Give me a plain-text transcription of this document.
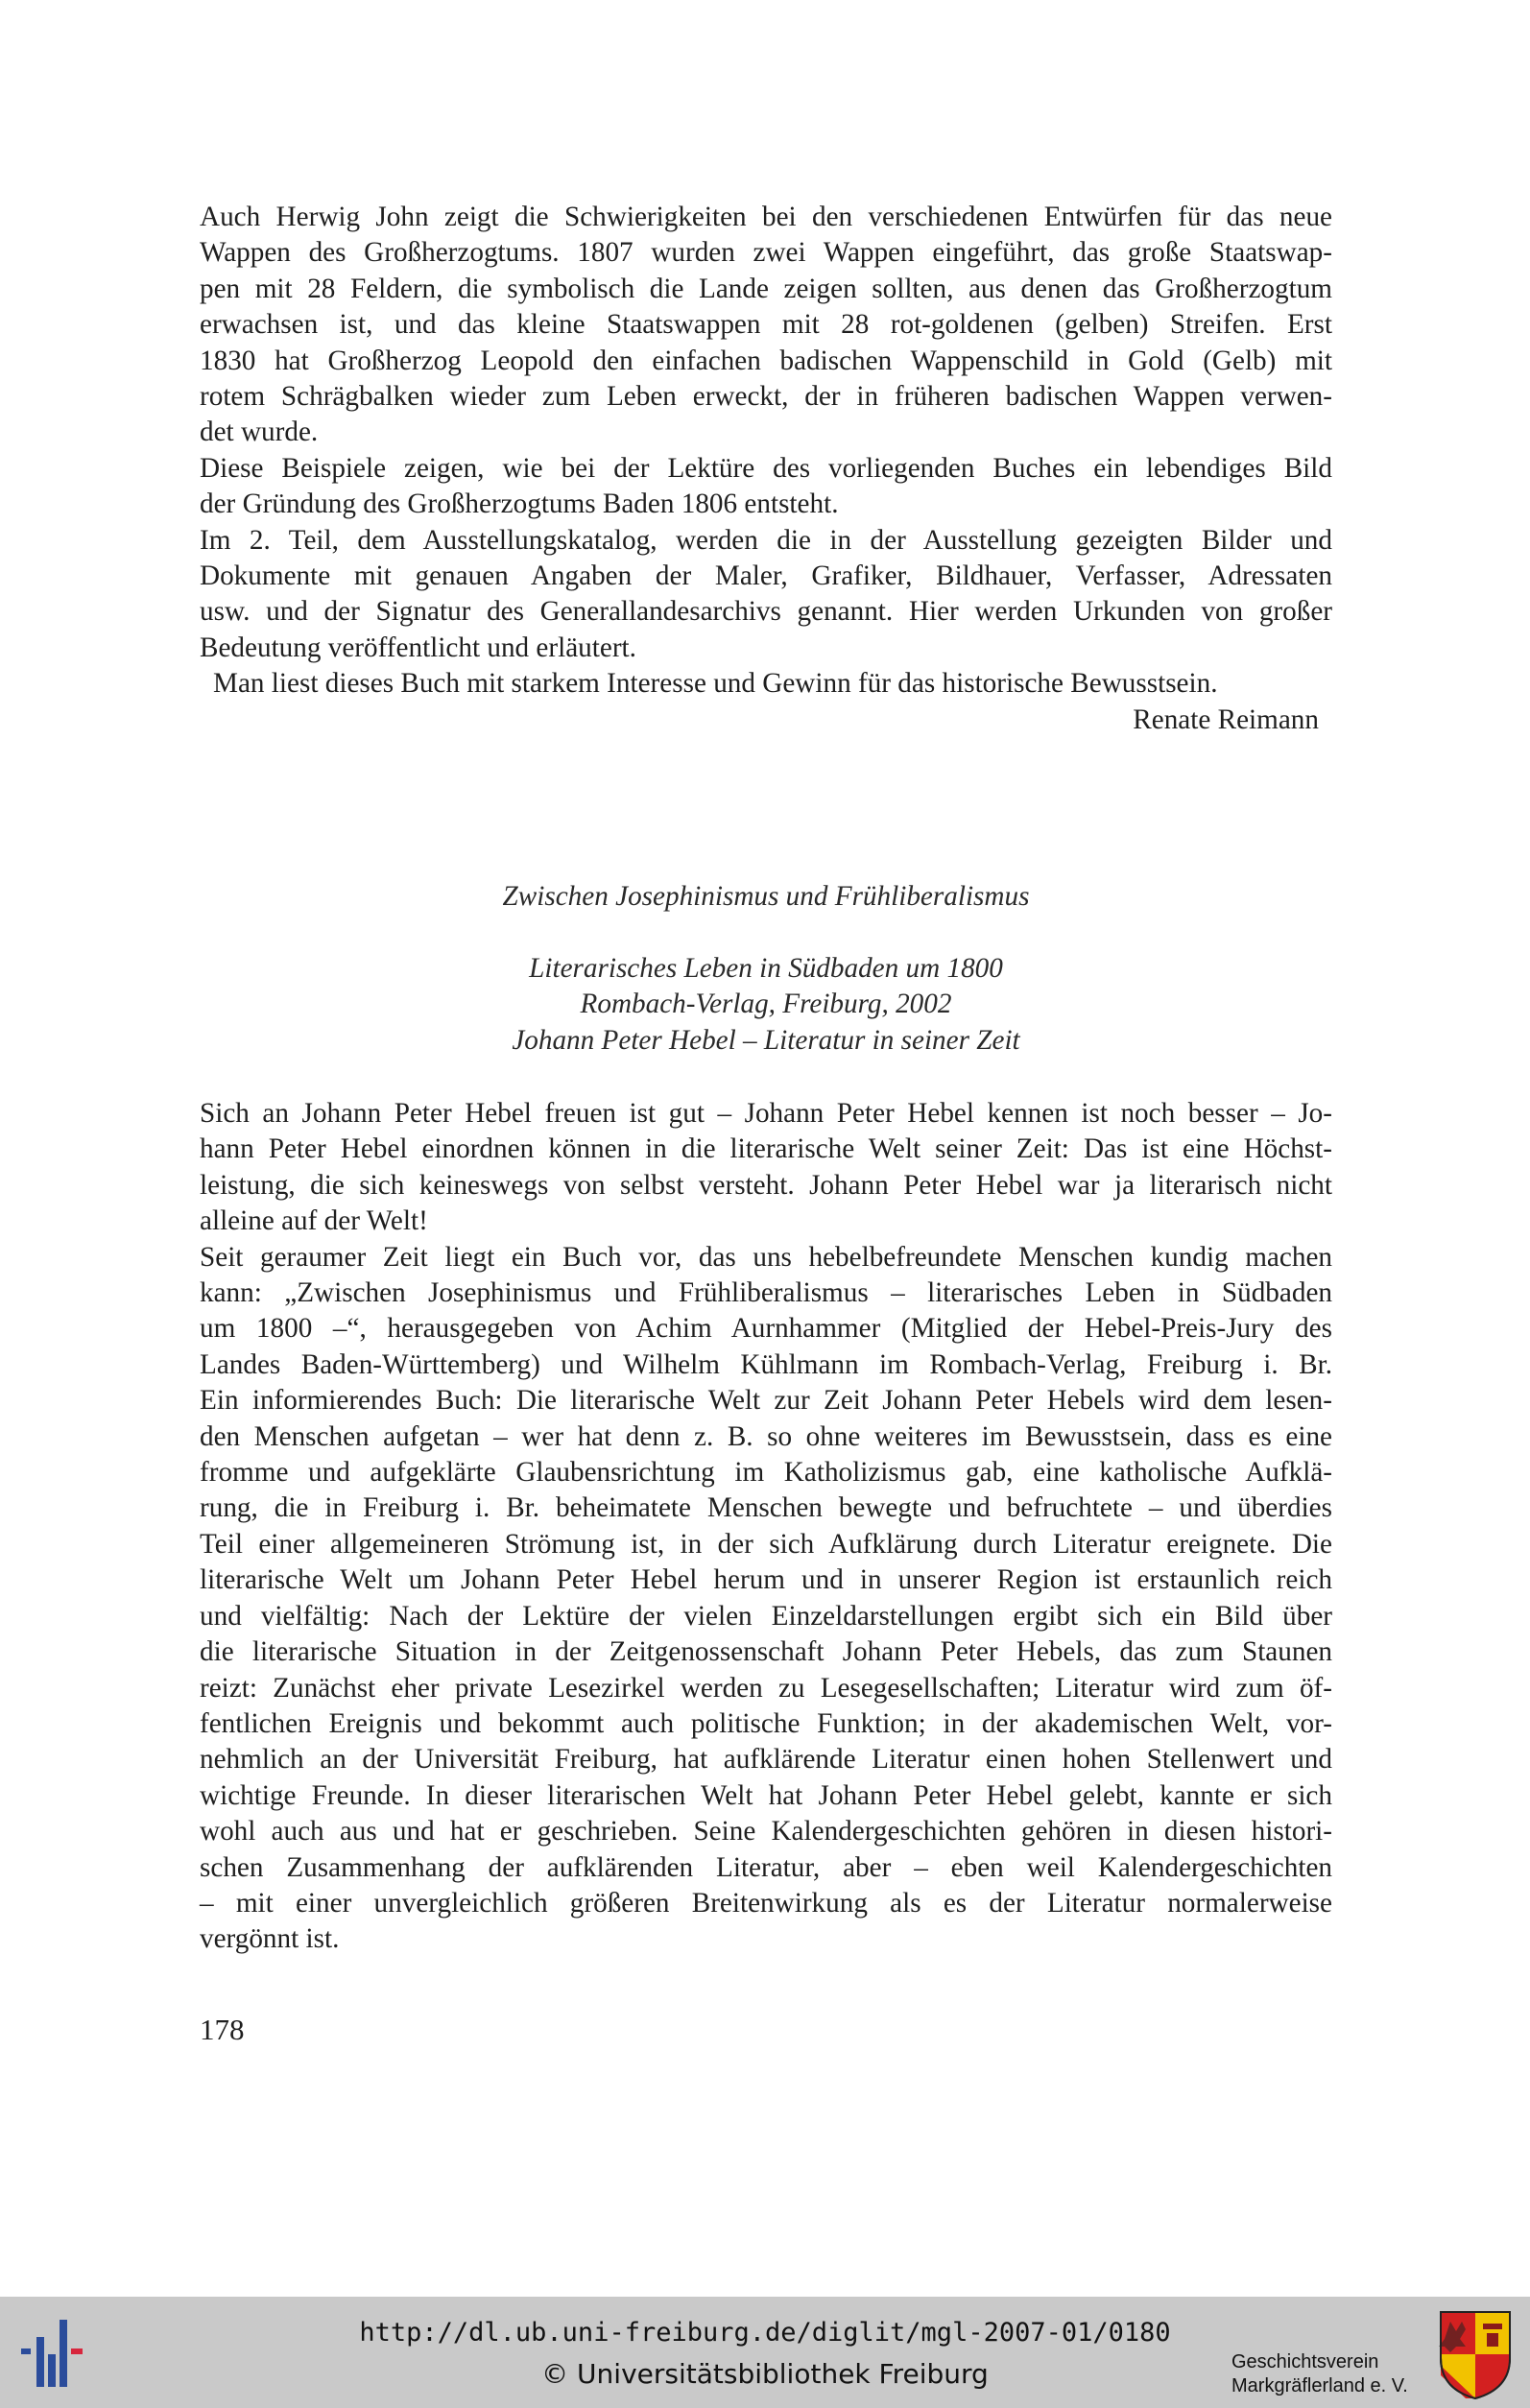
Auch Herwig John zeigt die Schwierigkeiten bei den verschiedenen Entwürfen für das neue
Wappen des Großherzogtums. 1807 wurden zwei Wappen eingeführt, das große Staatswap-
pen mit 28 Feldern, die symbolisch die Lande zeigen sollten, aus denen das Großherzogtum
erwachsen ist, und das kleine Staatswappen mit 28 rot-goldenen (gelben) Streifen. Erst
1830 hat Großherzog Leopold den einfachen badischen Wappenschild in Gold (Gelb) mit
rotem Schrägbalken wieder zum Leben erweckt, der in früheren badischen Wappen verwen-
det wurde.
Diese Beispiele zeigen, wie bei der Lektüre des vorliegenden Buches ein lebendiges Bild
der Gründung des Großherzogtums Baden 1806 entsteht.
Im 2. Teil, dem Ausstellungskatalog, werden die in der Ausstellung gezeigten Bilder und
Dokumente mit genauen Angaben der Maler, Grafiker, Bildhauer, Verfasser, Adressaten
usw. und der Signatur des Generallandesarchivs genannt. Hier werden Urkunden von großer
Bedeutung veröffentlicht und erläutert.
Man liest dieses Buch mit starkem Interesse und Gewinn für das historische Bewusstsein.
Renate Reimann
Zwischen Josephinismus und Frühliberalismus
Literarisches Leben in Südbaden um 1800
Rombach-Verlag, Freiburg, 2002
Johann Peter Hebel – Literatur in seiner Zeit
Sich an Johann Peter Hebel freuen ist gut – Johann Peter Hebel kennen ist noch besser – Jo-
hann Peter Hebel einordnen können in die literarische Welt seiner Zeit: Das ist eine Höchst-
leistung, die sich keineswegs von selbst versteht. Johann Peter Hebel war ja literarisch nicht
alleine auf der Welt!
Seit geraumer Zeit liegt ein Buch vor, das uns hebelbefreundete Menschen kundig machen
kann: „Zwischen Josephinismus und Frühliberalismus – literarisches Leben in Südbaden
um 1800 –“, herausgegeben von Achim Aurnhammer (Mitglied der Hebel-Preis-Jury des
Landes Baden-Württemberg) und Wilhelm Kühlmann im Rombach-Verlag, Freiburg i. Br.
Ein informierendes Buch: Die literarische Welt zur Zeit Johann Peter Hebels wird dem lesen-
den Menschen aufgetan – wer hat denn z. B. so ohne weiteres im Bewusstsein, dass es eine
fromme und aufgeklärte Glaubensrichtung im Katholizismus gab, eine katholische Aufklä-
rung, die in Freiburg i. Br. beheimatete Menschen bewegte und befruchtete – und überdies
Teil einer allgemeineren Strömung ist, in der sich Aufklärung durch Literatur ereignete. Die
literarische Welt um Johann Peter Hebel herum und in unserer Region ist erstaunlich reich
und vielfältig: Nach der Lektüre der vielen Einzeldarstellungen ergibt sich ein Bild über
die literarische Situation in der Zeitgenossenschaft Johann Peter Hebels, das zum Staunen
reizt: Zunächst eher private Lesezirkel werden zu Lesegesellschaften; Literatur wird zum öf-
fentlichen Ereignis und bekommt auch politische Funktion; in der akademischen Welt, vor-
nehmlich an der Universität Freiburg, hat aufklärende Literatur einen hohen Stellenwert und
wichtige Freunde. In dieser literarischen Welt hat Johann Peter Hebel gelebt, kannte er sich
wohl auch aus und hat er geschrieben. Seine Kalendergeschichten gehören in diesen histori-
schen Zusammenhang der aufklärenden Literatur, aber – eben weil Kalendergeschichten
– mit einer unvergleichlich größeren Breitenwirkung als es der Literatur normalerweise
vergönnt ist.
178
http://dl.ub.uni-freiburg.de/diglit/mgl-2007-01/0180
© Universitätsbibliothek Freiburg	Geschichtsverein
Markgräflerland e. V.
